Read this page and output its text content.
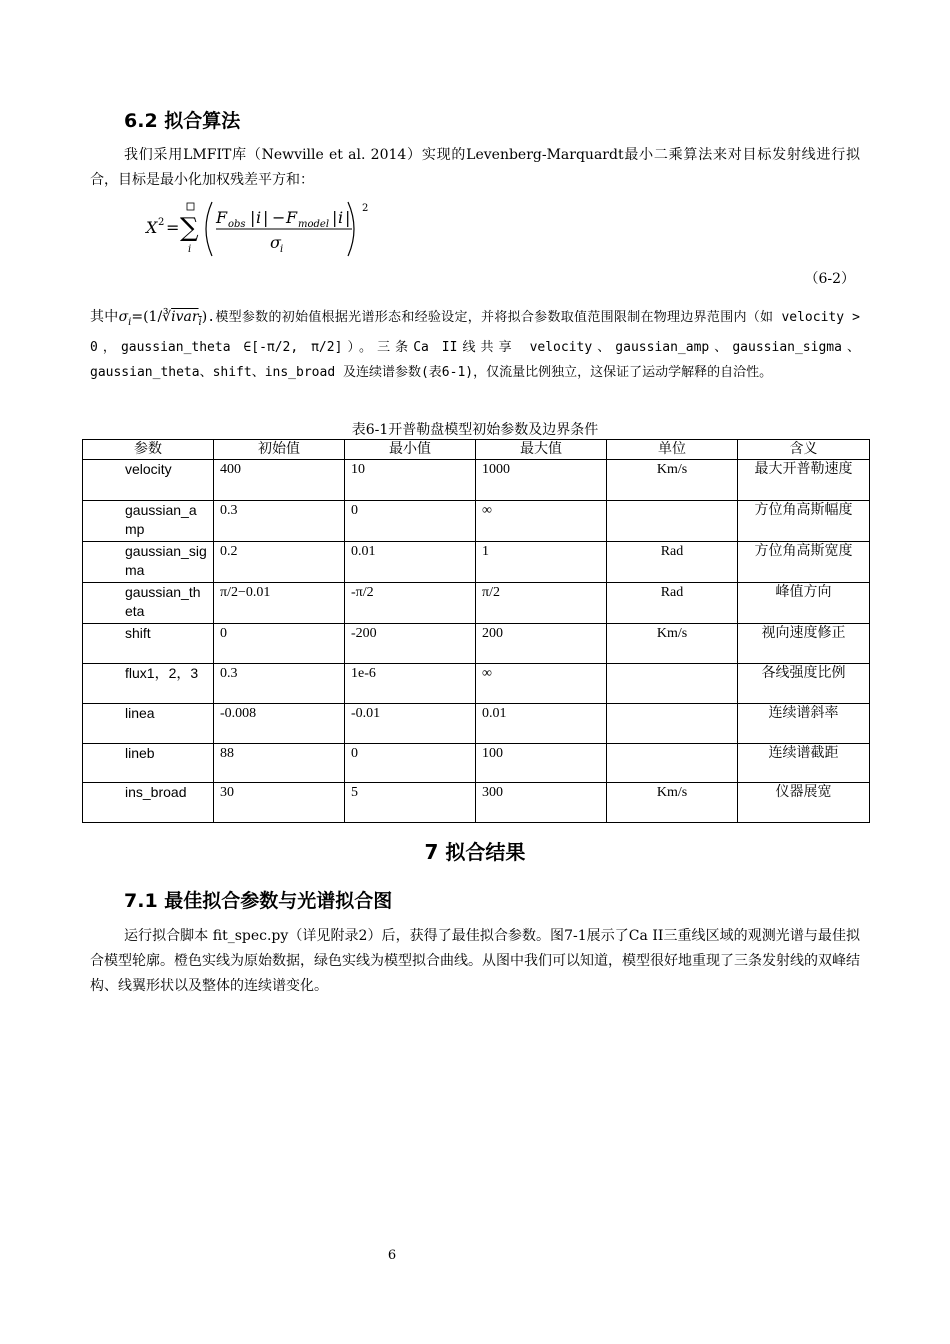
6.2 拟合算法
我们采用LMFIT库（Newville et al. 2014）实现的Levenberg-Marquardt最小二乘算法来对目标发射线进行拟合，目标是最小化加权残差平方和：
X 2 = ∑
i
F obs | i | − F model | i |
σ i
2
（6-2）
其中$\sigma_i=(1/∛ivar_i)$.模型参数的初始值根据光谱形态和经验设定，并将拟合参数取值范围限制在物理边界范围内（如 velocity > 0，gaussian_theta ∈[-π/2, π/2]）。三条Ca II线共享 velocity、gaussian_amp、gaussian_sigma、gaussian_theta、shift、ins_broad 及连续谱参数(表6-1)，仅流量比例独立，这保证了运动学解释的自洽性。
表6-1开普勒盘模型初始参数及边界条件
参数	初始值	最小值	最大值	单位	含义
velocity	400	10	1000	Km/s	最大开普勒速度
gaussian_amp	0.3	0	∞		方位角高斯幅度
gaussian_sigma	0.2	0.01	1	Rad	方位角高斯宽度
gaussian_theta	π/2−0.01	-π/2	π/2	Rad	峰值方向
shift	0	-200	200	Km/s	视向速度修正
flux1，2，3	0.3	1e-6	∞		各线强度比例
linea	-0.008	-0.01	0.01		连续谱斜率
lineb	88	0	100		连续谱截距
ins_broad	30	5	300	Km/s	仪器展宽
7 拟合结果
7.1 最佳拟合参数与光谱拟合图
运行拟合脚本 fit_spec.py（详见附录2）后，获得了最佳拟合参数。图7-1展示了Ca II三重线区域的观测光谱与最佳拟合模型轮廓。橙色实线为原始数据，绿色实线为模型拟合曲线。从图中我们可以知道，模型很好地重现了三条发射线的双峰结构、线翼形状以及整体的连续谱变化。
6
